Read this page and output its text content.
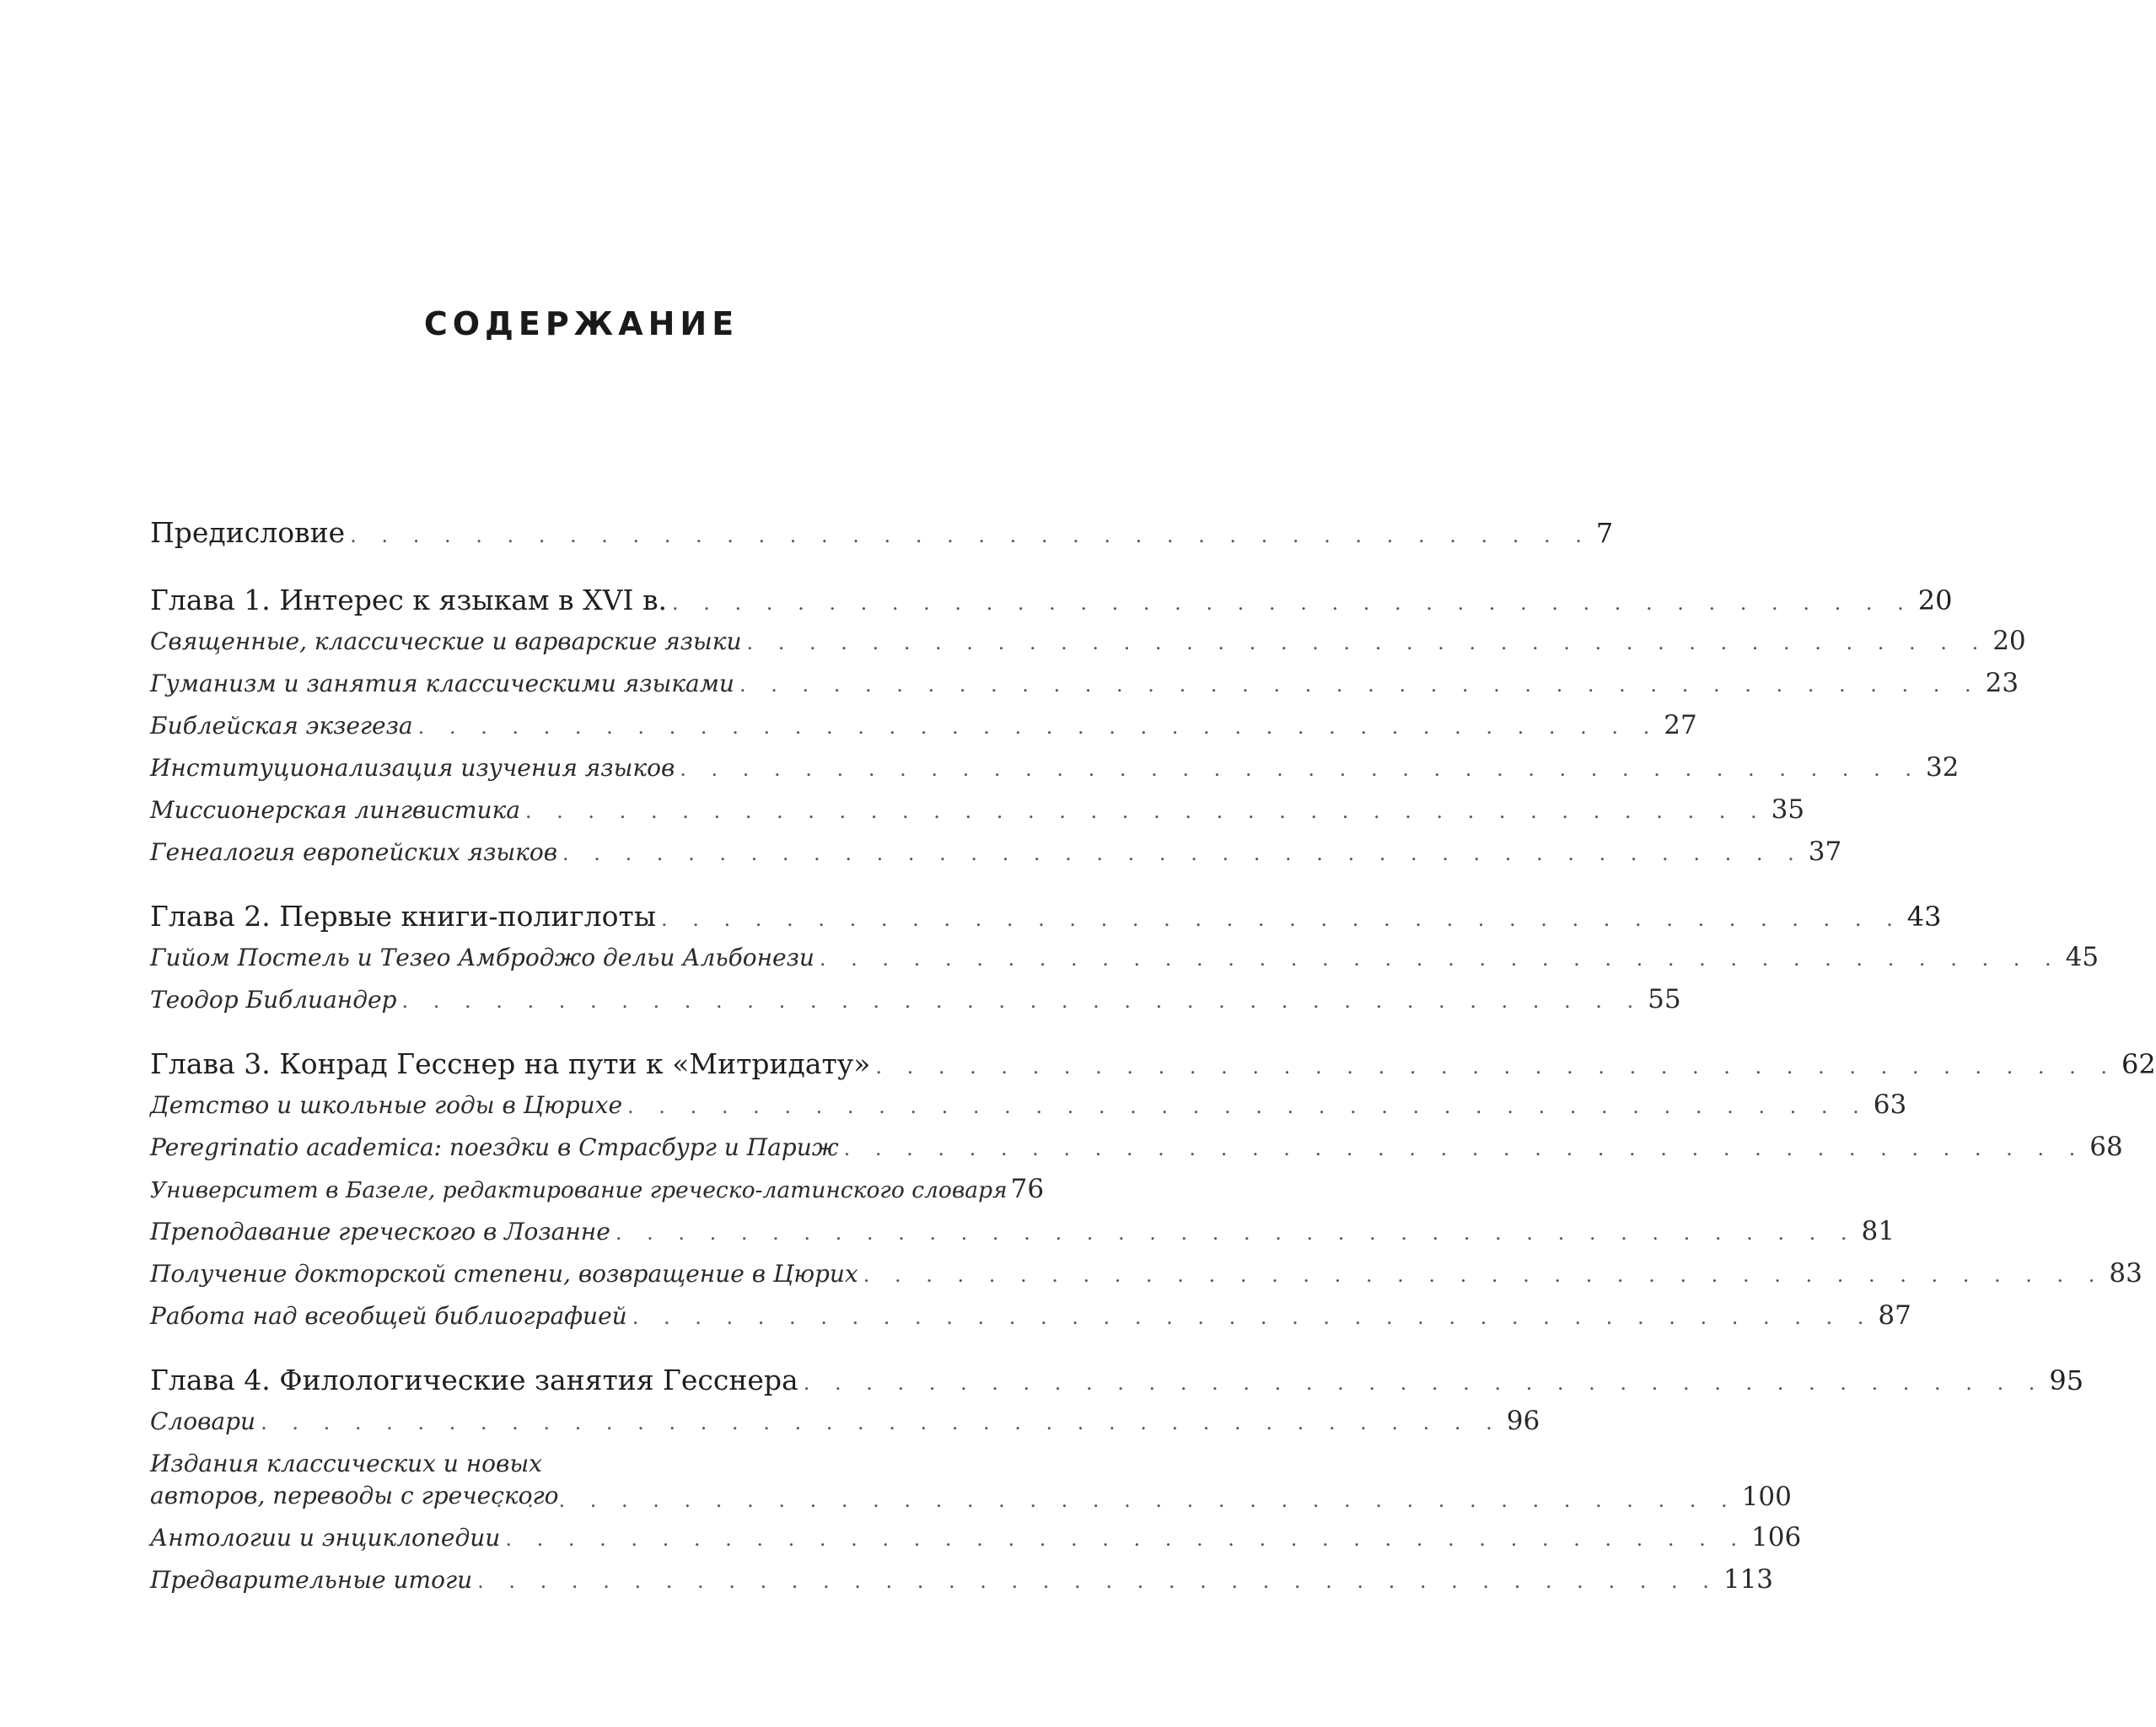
СОДЕРЖАНИЕ
Предисловие . . . . . . . . . . . . . . . . . . . . . . . . . . . . . . . . . . . . . . . . 7
Глава 1. Интерес к языкам в XVI в. . . . . . . . . . . . . . . . . . . . . . . . . . . . . . . . . . . . . . . . . 20
Священные, классические и варварские языки . . . . . . . . . . . . . . . . . . . . . . . . . . . . . . . . . . . . . . . . 20
Гуманизм и занятия классическими языками . . . . . . . . . . . . . . . . . . . . . . . . . . . . . . . . . . . . . . . . 23
Библейская экзегеза . . . . . . . . . . . . . . . . . . . . . . . . . . . . . . . . . . . . . . . . 27
Институционализация изучения языков . . . . . . . . . . . . . . . . . . . . . . . . . . . . . . . . . . . . . . . . 32
Миссионерская лингвистика . . . . . . . . . . . . . . . . . . . . . . . . . . . . . . . . . . . . . . . . 35
Генеалогия европейских языков . . . . . . . . . . . . . . . . . . . . . . . . . . . . . . . . . . . . . . . . 37
Глава 2. Первые книги-полиглоты . . . . . . . . . . . . . . . . . . . . . . . . . . . . . . . . . . . . . . . . 43
Гийом Постель и Тезео Амброджо дельи Альбонези . . . . . . . . . . . . . . . . . . . . . . . . . . . . . . . . . . . . . . . . 45
Теодор Библиандер . . . . . . . . . . . . . . . . . . . . . . . . . . . . . . . . . . . . . . . . 55
Глава 3. Конрад Гесснер на пути к «Митридату» . . . . . . . . . . . . . . . . . . . . . . . . . . . . . . . . . . . . . . . . 62
Детство и школьные годы в Цюрихе . . . . . . . . . . . . . . . . . . . . . . . . . . . . . . . . . . . . . . . . 63
Peregrinatio academica: поездки в Страсбург и Париж . . . . . . . . . . . . . . . . . . . . . . . . . . . . . . . . . . . . . . . . 68
Университет в Базеле, редактирование греческо-латинского словаря 76
Преподавание греческого в Лозанне . . . . . . . . . . . . . . . . . . . . . . . . . . . . . . . . . . . . . . . . 81
Получение докторской степени, возвращение в Цюрих . . . . . . . . . . . . . . . . . . . . . . . . . . . . . . . . . . . . . . . . 83
Работа над всеобщей библиографией . . . . . . . . . . . . . . . . . . . . . . . . . . . . . . . . . . . . . . . . 87
Глава 4. Филологические занятия Гесснера . . . . . . . . . . . . . . . . . . . . . . . . . . . . . . . . . . . . . . . . 95
Словари . . . . . . . . . . . . . . . . . . . . . . . . . . . . . . . . . . . . . . . . 96
Издания классических и новых авторов, переводы с греческого
. . . . . . . . . . . . . . . . . . . . . . . . . . . . . . . . . . . . . . . . 100
Антологии и энциклопедии . . . . . . . . . . . . . . . . . . . . . . . . . . . . . . . . . . . . . . . . 106
Предварительные итоги . . . . . . . . . . . . . . . . . . . . . . . . . . . . . . . . . . . . . . . . 113
